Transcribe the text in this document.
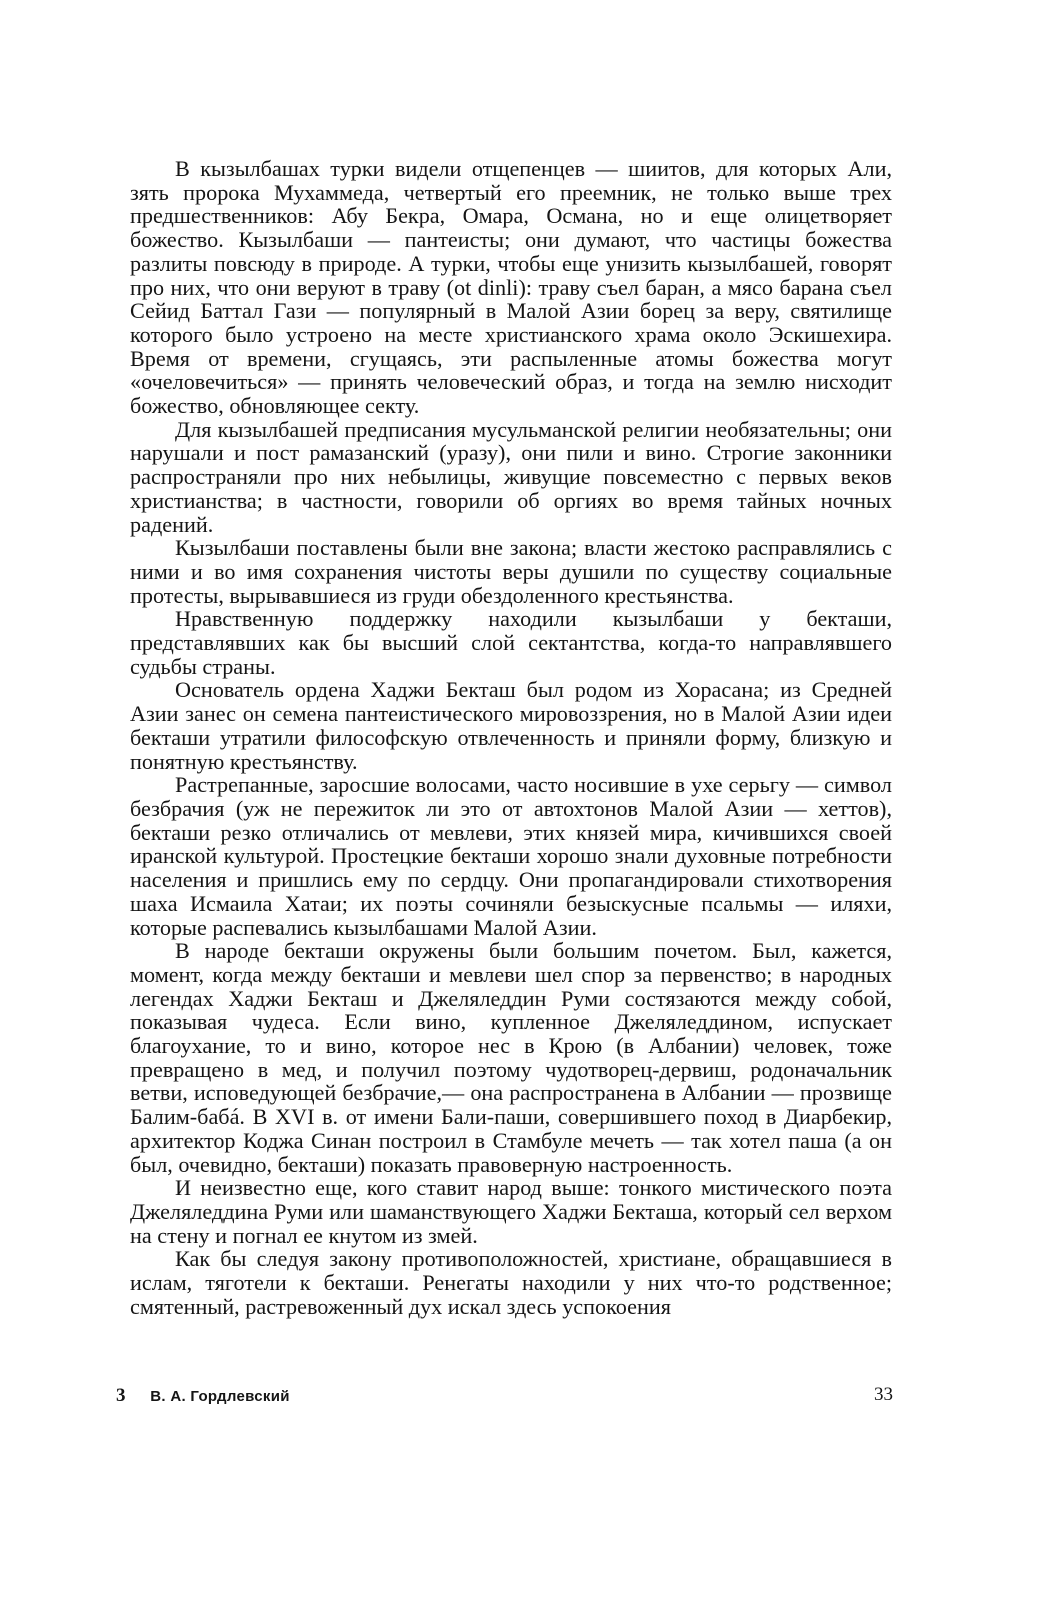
В кызылбашах турки видели отщепенцев — шиитов, для которых Али, зять пророка Мухаммеда, четвертый его преемник, не только выше трех предшественников: Абу Бекра, Омара, Османа, но и еще олицетворяет божество. Кызылбаши — пантеисты; они думают, что частицы божества разлиты повсюду в природе. А турки, чтобы еще унизить кызылбашей, говорят про них, что они веруют в траву (ot dinli): траву съел баран, а мясо барана съел Сейид Баттал Гази — популярный в Малой Азии борец за веру, святилище которого было устроено на месте христианского храма около Эскишехира. Время от времени, сгущаясь, эти распыленные атомы божества могут «очеловечиться» — принять человеческий образ, и тогда на землю нисходит божество, обновляющее секту.

Для кызылбашей предписания мусульманской религии необязательны; они нарушали и пост рамазанский (уразу), они пили и вино. Строгие законники распространяли про них небылицы, живущие повсеместно с первых веков христианства; в частности, говорили об оргиях во время тайных ночных радений.

Кызылбаши поставлены были вне закона; власти жестоко расправлялись с ними и во имя сохранения чистоты веры душили по существу социальные протесты, вырывавшиеся из груди обездоленного крестьянства.

Нравственную поддержку находили кызылбаши у бекташи, представлявших как бы высший слой сектантства, когда-то направлявшего судьбы страны.

Основатель ордена Хаджи Бекташ был родом из Хорасана; из Средней Азии занес он семена пантеистического мировоззрения, но в Малой Азии идеи бекташи утратили философскую отвлеченность и приняли форму, близкую и понятную крестьянству.

Растрепанные, заросшие волосами, часто носившие в ухе серьгу — символ безбрачия (уж не пережиток ли это от автохтонов Малой Азии — хеттов), бекташи резко отличались от мевлеви, этих князей мира, кичившихся своей иранской культурой. Простецкие бекташи хорошо знали духовные потребности населения и пришлись ему по сердцу. Они пропагандировали стихотворения шаха Исмаила Хатаи; их поэты сочиняли безыскусные псальмы — иляхи, которые распевались кызылбашами Малой Азии.

В народе бекташи окружены были большим почетом. Был, кажется, момент, когда между бекташи и мевлеви шел спор за первенство; в народных легендах Хаджи Бекташ и Джеляледдин Руми состязаются между собой, показывая чудеса. Если вино, купленное Джеляледдином, испускает благоухание, то и вино, которое нес в Крою (в Албании) человек, тоже превращено в мед, и получил поэтому чудотворец-дервиш, родоначальник ветви, исповедующей безбрачие,— она распространена в Албании — прозвище Балим-бабá. В XVI в. от имени Бали-паши, совершившего поход в Диарбекир, архитектор Коджа Синан построил в Стамбуле мечеть — так хотел паша (а он был, очевидно, бекташи) показать правоверную настроенность.

И неизвестно еще, кого ставит народ выше: тонкого мистического поэта Джеляледдина Руми или шаманствующего Хаджи Бекташа, который сел верхом на стену и погнал ее кнутом из змей.

Как бы следуя закону противоположностей, христиане, обращавшиеся в ислам, тяготели к бекташи. Ренегаты находили у них что-то родственное; смятенный, растревоженный дух искал здесь успокоения

3 В. А. Гордлевский	33
